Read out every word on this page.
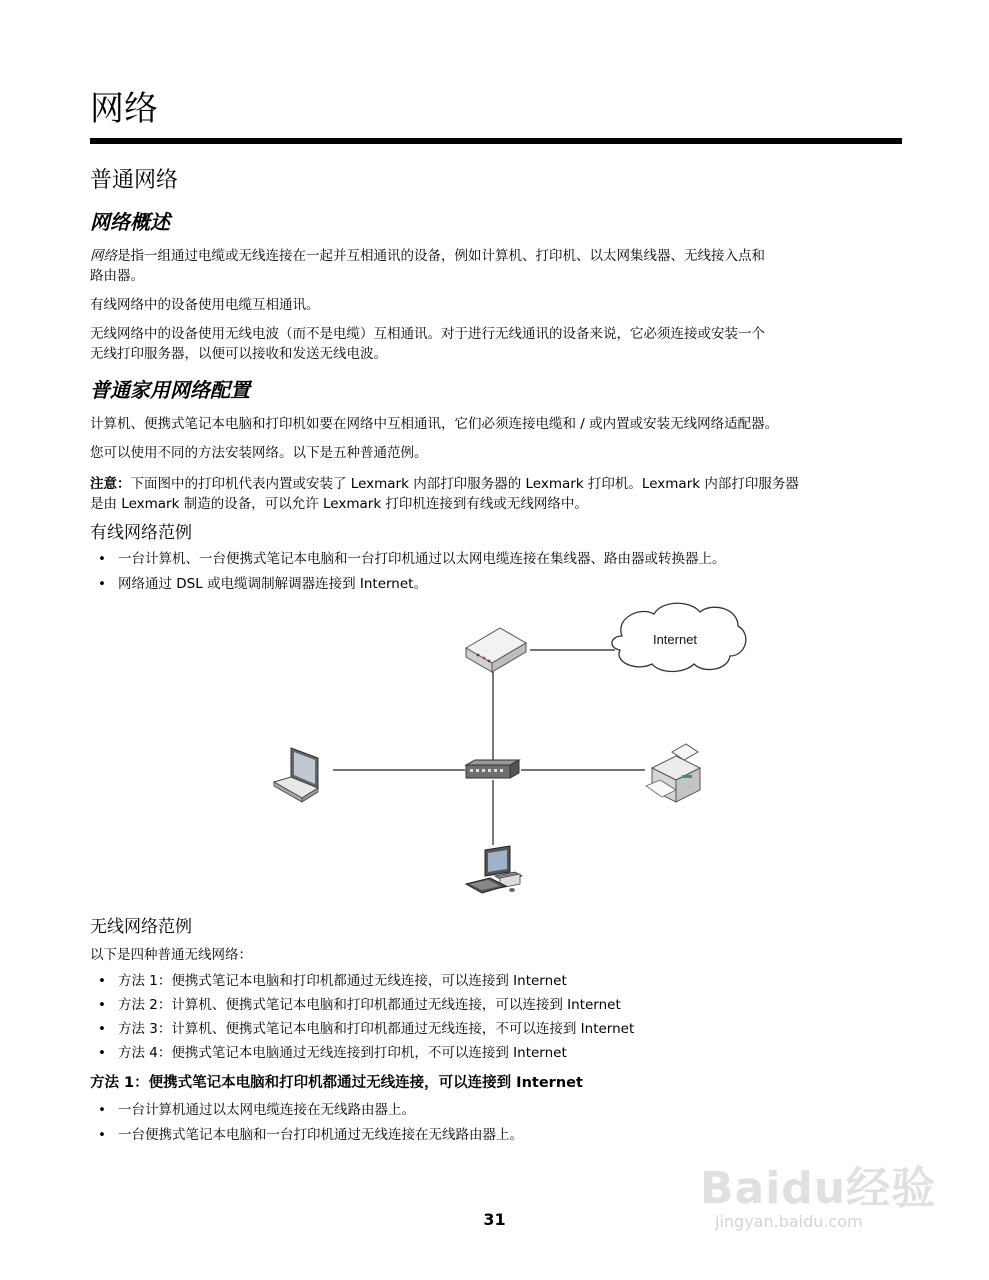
网络
普通网络
网络概述
网络是指一组通过电缆或无线连接在一起并互相通讯的设备，例如计算机、打印机、以太网集线器、无线接入点和
路由器。
有线网络中的设备使用电缆互相通讯。
无线网络中的设备使用无线电波（而不是电缆）互相通讯。对于进行无线通讯的设备来说，它必须连接或安装一个
无线打印服务器，以便可以接收和发送无线电波。
普通家用网络配置
计算机、便携式笔记本电脑和打印机如要在网络中互相通讯，它们必须连接电缆和 / 或内置或安装无线网络适配器。
您可以使用不同的方法安装网络。以下是五种普通范例。
注意：下面图中的打印机代表内置或安装了 Lexmark 内部打印服务器的 Lexmark 打印机。Lexmark 内部打印服务器
是由 Lexmark 制造的设备，可以允许 Lexmark 打印机连接到有线或无线网络中。
有线网络范例
• 一台计算机、一台便携式笔记本电脑和一台打印机通过以太网电缆连接在集线器、路由器或转换器上。
• 网络通过 DSL 或电缆调制解调器连接到 Internet。
Internet
无线网络范例
以下是四种普通无线网络：
• 方法 1：便携式笔记本电脑和打印机都通过无线连接，可以连接到 Internet
• 方法 2：计算机、便携式笔记本电脑和打印机都通过无线连接，可以连接到 Internet
• 方法 3：计算机、便携式笔记本电脑和打印机都通过无线连接，不可以连接到 Internet
• 方法 4：便携式笔记本电脑通过无线连接到打印机，不可以连接到 Internet
方法 1：便携式笔记本电脑和打印机都通过无线连接，可以连接到 Internet
• 一台计算机通过以太网电缆连接在无线路由器上。
• 一台便携式笔记本电脑和一台打印机通过无线连接在无线路由器上。
Baidu经验
jingyan.baidu.com
31
